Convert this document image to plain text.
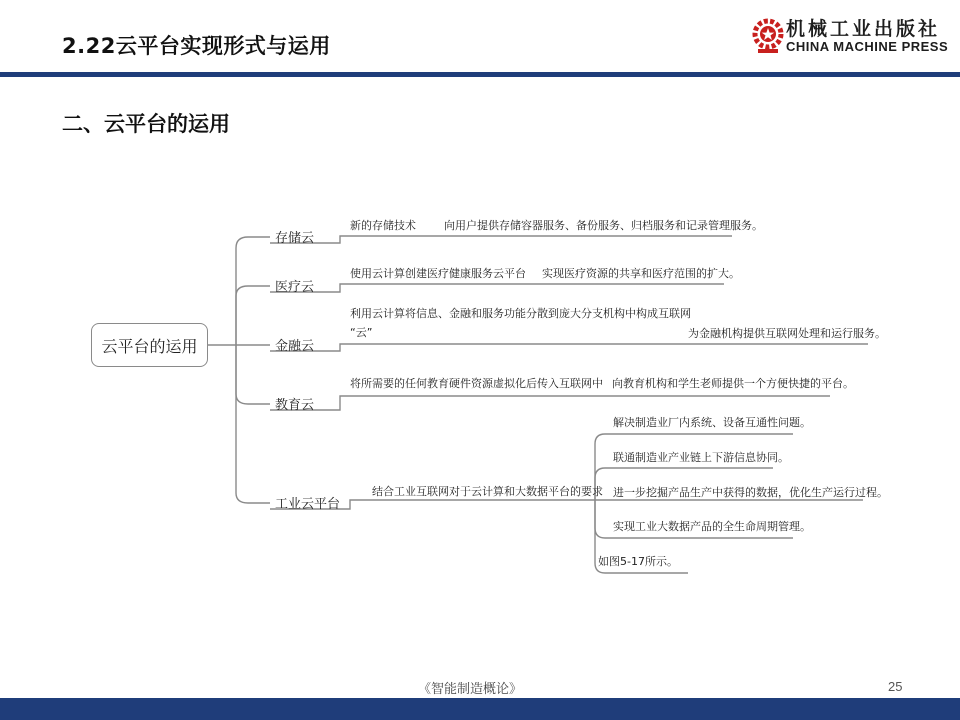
2.22云平台实现形式与运用
机械工业出版社
CHINA MACHINE PRESS
二、云平台的运用
云平台的运用
存储云
医疗云
金融云
教育云
工业云平台
新的存储技术	向用户提供存储容器服务、备份服务、归档服务和记录管理服务。
使用云计算创建医疗健康服务云平台 实现医疗资源的共享和医疗范围的扩大。
利用云计算将信息、金融和服务功能分散到庞大分支机构中构成互联网
“云”	为金融机构提供互联网处理和运行服务。
将所需要的任何教育硬件资源虚拟化后传入互联网中 向教育机构和学生老师提供一个方便快捷的平台。
结合工业互联网对于云计算和大数据平台的要求
解决制造业厂内系统、设备互通性问题。
联通制造业产业链上下游信息协同。
进一步挖掘产品生产中获得的数据，优化生产运行过程。
实现工业大数据产品的全生命周期管理。
如图5-17所示。
《智能制造概论》	25
